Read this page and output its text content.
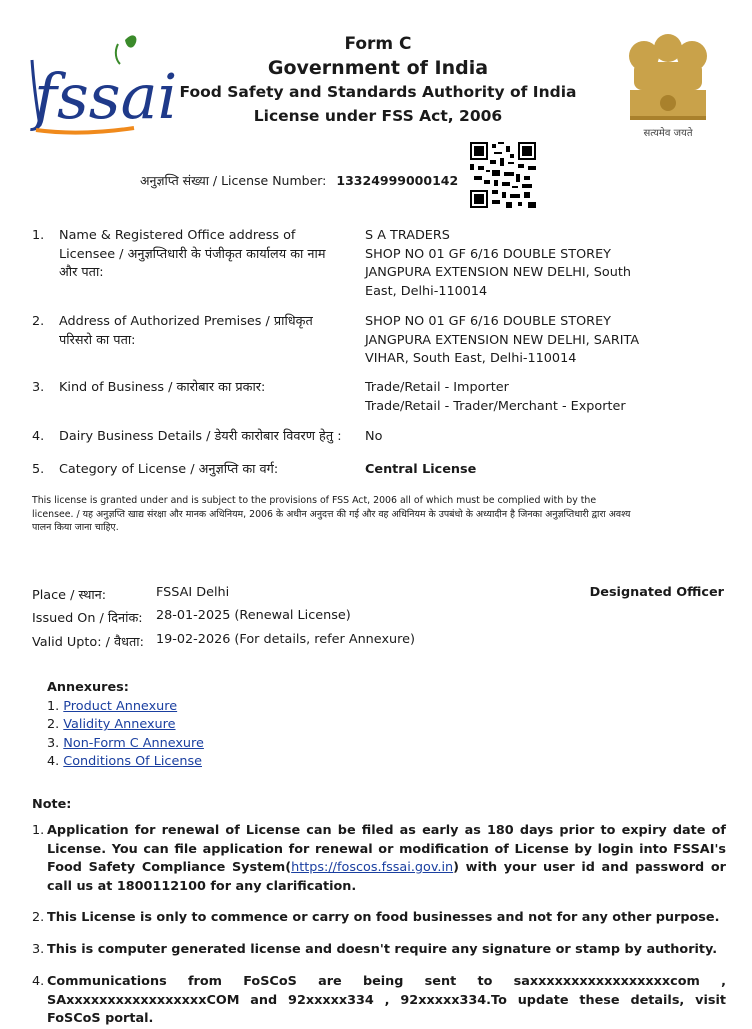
fssai
Form C
Government of India
Food Safety and Standards Authority of India
License under FSS Act, 2006
सत्यमेव जयते
अनुज्ञप्ति संख्या / License Number: 13324999000142
1.	Name & Registered Office address of Licensee / अनुज्ञप्तिधारी के पंजीकृत कार्यालय का नाम और पता:
S A TRADERS
SHOP NO 01 GF 6/16 DOUBLE STOREY JANGPURA EXTENSION NEW DELHI, South East, Delhi-110014
2.	Address of Authorized Premises / प्राधिकृत परिसरो का पता:
SHOP NO 01 GF 6/16 DOUBLE STOREY JANGPURA EXTENSION NEW DELHI, SARITA VIHAR, South East, Delhi-110014
3.	Kind of Business / कारोबार का प्रकार:	Trade/Retail - Importer
Trade/Retail - Trader/Merchant - Exporter
4.	Dairy Business Details / डेयरी कारोबार विवरण हेतु :	No
5.	Category of License / अनुज्ञप्ति का वर्ग:	Central License
This license is granted under and is subject to the provisions of FSS Act, 2006 all of which must be complied with by the licensee. / यह अनुज्ञप्ति खाद्य संरक्षा और मानक अधिनियम, 2006 के अधीन अनुदत्त की गई और वह अधिनियम के उपबंधो के अध्यादीन है जिनका अनुज्ञप्तिधारी द्वारा अवश्य पालन किया जाना चाहिए.
Place / स्थान:	FSSAI Delhi
Issued On / दिनांक: 28-01-2025 (Renewal License)
Valid Upto: / वैधता: 19-02-2026 (For details, refer Annexure)
Designated Officer
Annexures:
1. Product Annexure
2. Validity Annexure
3. Non-Form C Annexure
4. Conditions Of License
Note:
1. Application for renewal of License can be filed as early as 180 days prior to expiry date of License. You can file application for renewal or modification of License by login into FSSAI's Food Safety Compliance System(https://foscos.fssai.gov.in) with your user id and password or call us at 1800112100 for any clarification.
2. This License is only to commence or carry on food businesses and not for any other purpose.
3. This is computer generated license and doesn't require any signature or stamp by authority.
4. Communications from FoSCoS are being sent to saxxxxxxxxxxxxxxxxxcom , SAxxxxxxxxxxxxxxxxxCOM and 92xxxxx334 , 92xxxxx334.To update these details, visit FoSCoS portal.
